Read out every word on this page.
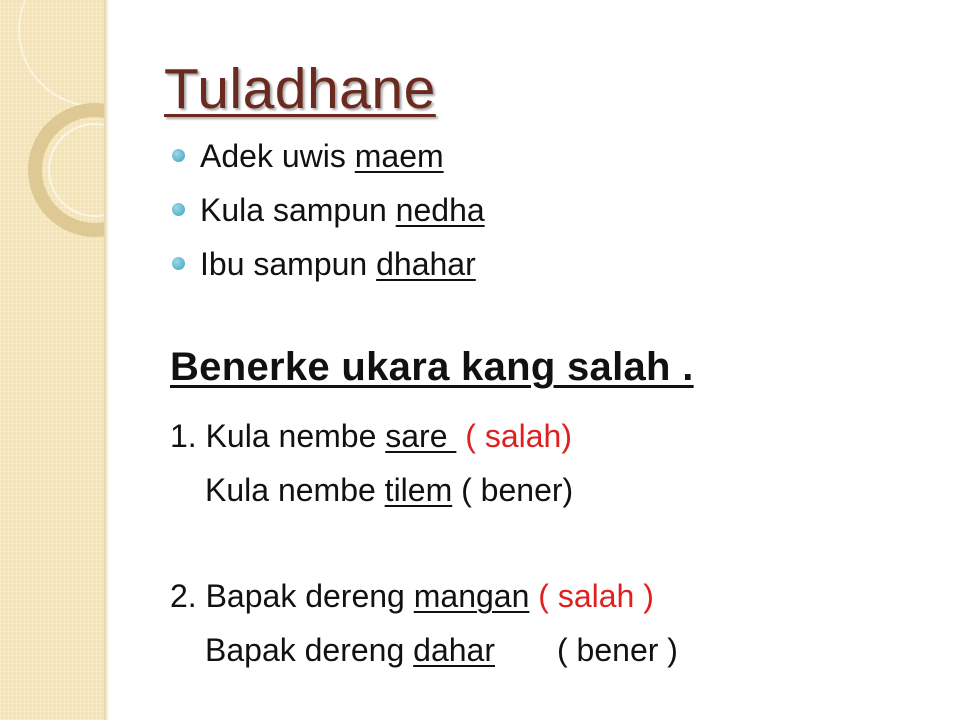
Tuladhane
Adek uwis maem
Kula sampun nedha
Ibu sampun dhahar
Benerke ukara kang salah .
1. Kula nembe sare  ( salah)
Kula nembe tilem ( bener)
2. Bapak dereng mangan ( salah )
Bapak dereng dahar ( bener )
